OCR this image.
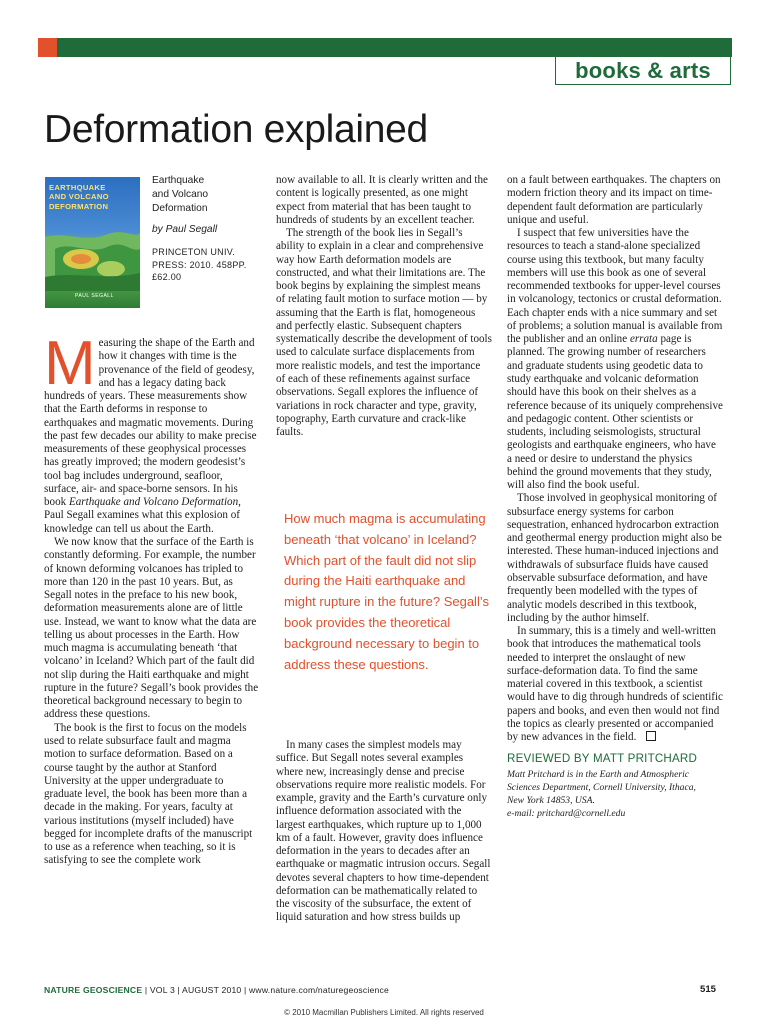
books & arts
Deformation explained
EARTHQUAKE
AND VOLCANO
DEFORMATION
PAUL SEGALL
Earthquake
and Volcano
Deformation
by Paul Segall
PRINCETON UNIV.
PRESS: 2010. 458PP.
£62.00

Measuring the shape of the Earth and how it changes with time is the provenance of the field of geodesy, and has a legacy dating back hundreds of years. These measurements show that the Earth deforms in response to earthquakes and magmatic movements. During the past few decades our ability to make precise measurements of these geophysical processes has greatly improved; the modern geodesist’s tool bag includes underground, seafloor, surface, air- and space-borne sensors. In his book Earthquake and Volcano Deformation, Paul Segall examines what this explosion of knowledge can tell us about the Earth.

We now know that the surface of the Earth is constantly deforming. For example, the number of known deforming volcanoes has tripled to more than 120 in the past 10 years. But, as Segall notes in the preface to his new book, deformation measurements alone are of little use. Instead, we want to know what the data are telling us about processes in the Earth. How much magma is accumulating beneath ‘that volcano’ in Iceland? Which part of the fault did not slip during the Haiti earthquake and might rupture in the future? Segall’s book provides the theoretical background necessary to begin to address these questions.

The book is the first to focus on the models used to relate subsurface fault and magma motion to surface deformation. Based on a course taught by the author at Stanford University at the upper undergraduate to graduate level, the book has been more than a decade in the making. For years, faculty at various institutions (myself included) have begged for incomplete drafts of the manuscript to use as a reference when teaching, so it is satisfying to see the complete work

now available to all. It is clearly written and the content is logically presented, as one might expect from material that has been taught to hundreds of students by an excellent teacher.

The strength of the book lies in Segall’s ability to explain in a clear and comprehensive way how Earth deformation models are constructed, and what their limitations are. The book begins by explaining the simplest means of relating fault motion to surface motion — by assuming that the Earth is flat, homogeneous and perfectly elastic. Subsequent chapters systematically describe the development of tools used to calculate surface displacements from more realistic models, and test the importance of each of these refinements against surface observations. Segall explores the influence of variations in rock character and type, gravity, topography, Earth curvature and crack-like faults.

How much magma is accumulating beneath ‘that volcano’ in Iceland? Which part of the fault did not slip during the Haiti earthquake and might rupture in the future? Segall’s book provides the theoretical background necessary to begin to address these questions.

In many cases the simplest models may suffice. But Segall notes several examples where new, increasingly dense and precise observations require more realistic models. For example, gravity and the Earth’s curvature only influence deformation associated with the largest earthquakes, which rupture up to 1,000 km of a fault. However, gravity does influence deformation in the years to decades after an earthquake or magmatic intrusion occurs. Segall devotes several chapters to how time-dependent deformation can be mathematically related to the viscosity of the subsurface, the extent of liquid saturation and how stress builds up

on a fault between earthquakes. The chapters on modern friction theory and its impact on time-dependent fault deformation are particularly unique and useful.

I suspect that few universities have the resources to teach a stand-alone specialized course using this textbook, but many faculty members will use this book as one of several recommended textbooks for upper-level courses in volcanology, tectonics or crustal deformation. Each chapter ends with a nice summary and set of problems; a solution manual is available from the publisher and an online errata page is planned. The growing number of researchers and graduate students using geodetic data to study earthquake and volcanic deformation should have this book on their shelves as a reference because of its uniquely comprehensive and pedagogic content. Other scientists or students, including seismologists, structural geologists and earthquake engineers, who have a need or desire to understand the physics behind the ground movements that they study, will also find the book useful.

Those involved in geophysical monitoring of subsurface energy systems for carbon sequestration, enhanced hydrocarbon extraction and geothermal energy production might also be interested. These human-induced injections and withdrawals of subsurface fluids have caused observable subsurface deformation, and have frequently been modelled with the types of analytic models described in this textbook, including by the author himself.

In summary, this is a timely and well-written book that introduces the mathematical tools needed to interpret the onslaught of new surface-deformation data. To find the same material covered in this textbook, a scientist would have to dig through hundreds of scientific papers and books, and even then would not find the topics as clearly presented or accompanied by new advances in the field.

REVIEWED BY MATT PRITCHARD
Matt Pritchard is in the Earth and Atmospheric
Sciences Department, Cornell University, Ithaca,
New York 14853, USA.
e-mail: pritchard@cornell.edu
NATURE GEOSCIENCE | VOL 3 | AUGUST 2010 | www.nature.com/naturegeoscience	515
© 2010 Macmillan Publishers Limited. All rights reserved
